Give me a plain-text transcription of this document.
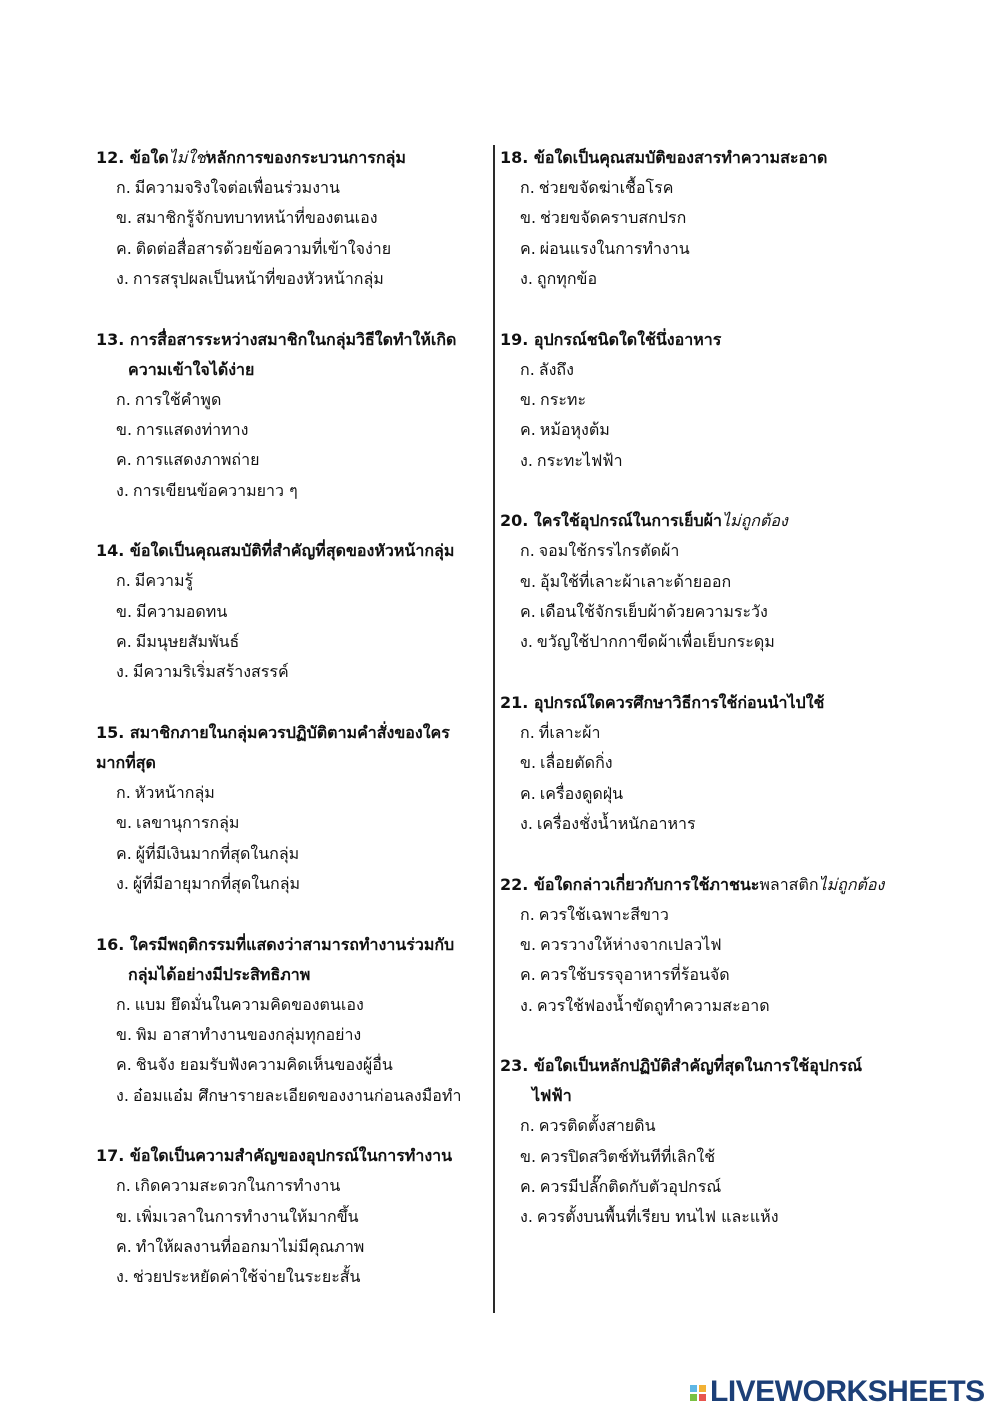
12. ข้อใดไม่ใช่หลักการของกระบวนการกลุ่ม
ก. มีความจริงใจต่อเพื่อนร่วมงาน
ข. สมาชิกรู้จักบทบาทหน้าที่ของตนเอง
ค. ติดต่อสื่อสารด้วยข้อความที่เข้าใจง่าย
ง. การสรุปผลเป็นหน้าที่ของหัวหน้ากลุ่ม
13. การสื่อสารระหว่างสมาชิกในกลุ่มวิธีใดทำให้เกิด
ความเข้าใจได้ง่าย
ก. การใช้คำพูด
ข. การแสดงท่าทาง
ค. การแสดงภาพถ่าย
ง. การเขียนข้อความยาว ๆ
14. ข้อใดเป็นคุณสมบัติที่สำคัญที่สุดของหัวหน้ากลุ่ม
ก. มีความรู้
ข. มีความอดทน
ค. มีมนุษยสัมพันธ์
ง. มีความริเริ่มสร้างสรรค์
15. สมาชิกภายในกลุ่มควรปฏิบัติตามคำสั่งของใคร
มากที่สุด
ก. หัวหน้ากลุ่ม
ข. เลขานุการกลุ่ม
ค. ผู้ที่มีเงินมากที่สุดในกลุ่ม
ง. ผู้ที่มีอายุมากที่สุดในกลุ่ม
16. ใครมีพฤติกรรมที่แสดงว่าสามารถทำงานร่วมกับ
กลุ่มได้อย่างมีประสิทธิภาพ
ก. แบม ยึดมั่นในความคิดของตนเอง
ข. พิม อาสาทำงานของกลุ่มทุกอย่าง
ค. ชินจัง ยอมรับฟังความคิดเห็นของผู้อื่น
ง. อ๋อมแอ๋ม ศึกษารายละเอียดของงานก่อนลงมือทำ
17. ข้อใดเป็นความสำคัญของอุปกรณ์ในการทำงาน
ก. เกิดความสะดวกในการทำงาน
ข. เพิ่มเวลาในการทำงานให้มากขึ้น
ค. ทำให้ผลงานที่ออกมาไม่มีคุณภาพ
ง. ช่วยประหยัดค่าใช้จ่ายในระยะสั้น
18. ข้อใดเป็นคุณสมบัติของสารทำความสะอาด
ก. ช่วยขจัดฆ่าเชื้อโรค
ข. ช่วยขจัดคราบสกปรก
ค. ผ่อนแรงในการทำงาน
ง. ถูกทุกข้อ
19. อุปกรณ์ชนิดใดใช้นึ่งอาหาร
ก. ลังถึง
ข. กระทะ
ค. หม้อหุงต้ม
ง. กระทะไฟฟ้า
20. ใครใช้อุปกรณ์ในการเย็บผ้าไม่ถูกต้อง
ก. จอมใช้กรรไกรตัดผ้า
ข. อุ้มใช้ที่เลาะผ้าเลาะด้ายออก
ค. เดือนใช้จักรเย็บผ้าด้วยความระวัง
ง. ขวัญใช้ปากกาขีดผ้าเพื่อเย็บกระดุม
21. อุปกรณ์ใดควรศึกษาวิธีการใช้ก่อนนำไปใช้
ก. ที่เลาะผ้า
ข. เลื่อยตัดกิ่ง
ค. เครื่องดูดฝุ่น
ง. เครื่องชั่งน้ำหนักอาหาร
22. ข้อใดกล่าวเกี่ยวกับการใช้ภาชนะพลาสติกไม่ถูกต้อง
ก. ควรใช้เฉพาะสีขาว
ข. ควรวางให้ห่างจากเปลวไฟ
ค. ควรใช้บรรจุอาหารที่ร้อนจัด
ง. ควรใช้ฟองน้ำขัดถูทำความสะอาด
23. ข้อใดเป็นหลักปฏิบัติสำคัญที่สุดในการใช้อุปกรณ์
ไฟฟ้า
ก. ควรติดตั้งสายดิน
ข. ควรปิดสวิตช์ทันทีที่เลิกใช้
ค. ควรมีปลั๊กติดกับตัวอุปกรณ์
ง. ควรตั้งบนพื้นที่เรียบ ทนไฟ และแห้ง
LIVEWORKSHEETS
